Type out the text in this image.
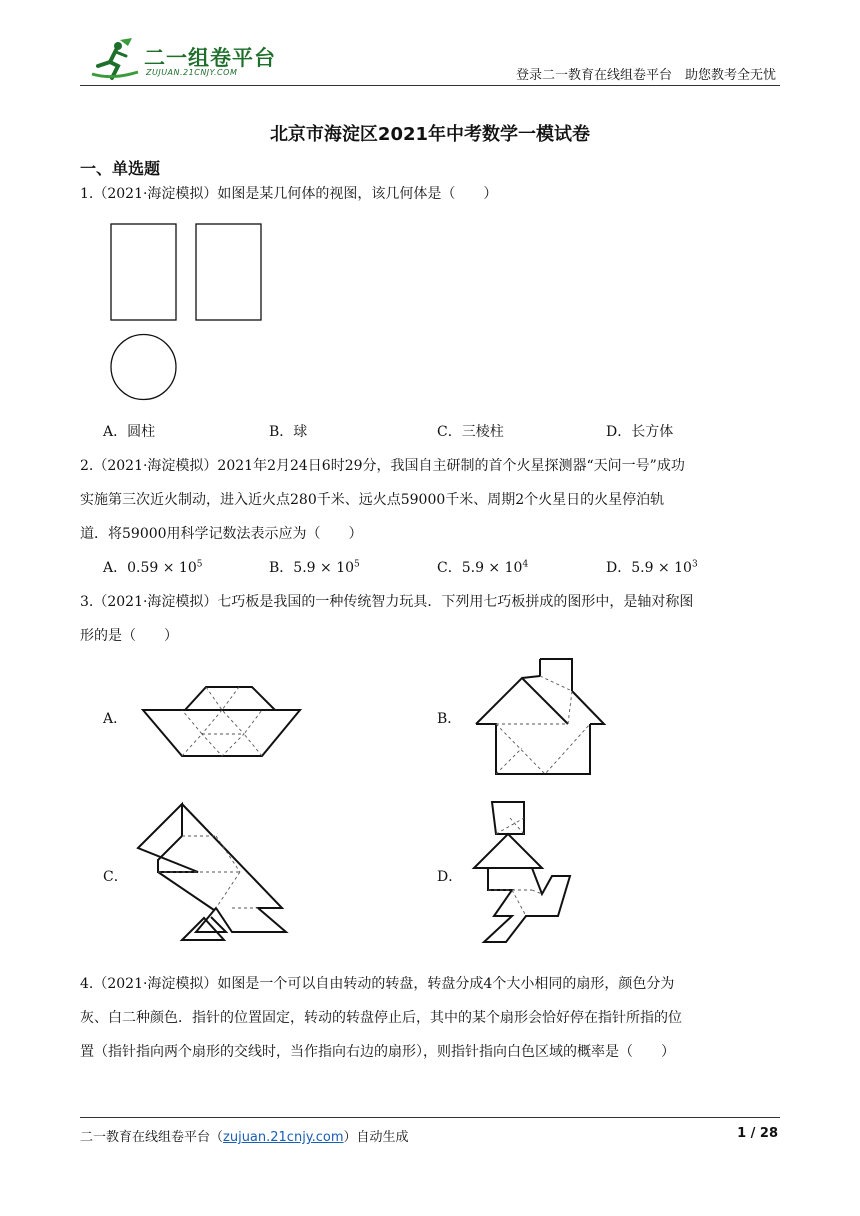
二一组卷平台
ZUJUAN.21CNJY.COM	登录二一教育在线组卷平台　助您教考全无忧
北京市海淀区2021年中考数学一模试卷
一、单选题
1.（2021·海淀模拟）如图是某几何体的视图，该几何体是（　　）
A．圆柱	B．球	C．三棱柱	D．长方体
2.（2021·海淀模拟）2021年2月24日6时29分，我国自主研制的首个火星探测器“天问一号”成功
实施第三次近火制动，进入近火点280千米、远火点59000千米、周期2个火星日的火星停泊轨
道．将59000用科学记数法表示应为（　　）
A．$0.59 \times 10^5$	B．$5.9 \times 10^5$	C．$5.9 \times 10^4$	D．$5.9 \times 10^3$
3.（2021·海淀模拟）七巧板是我国的一种传统智力玩具．下列用七巧板拼成的图形中，是轴对称图
形的是（　　）
A．	B．
C．	D．
4.（2021·海淀模拟）如图是一个可以自由转动的转盘，转盘分成4个大小相同的扇形，颜色分为
灰、白二种颜色．指针的位置固定，转动的转盘停止后，其中的某个扇形会恰好停在指针所指的位
置（指针指向两个扇形的交线时，当作指向右边的扇形），则指针指向白色区域的概率是（　　）
二一教育在线组卷平台（zujuan.21cnjy.com）自动生成	1 / 28
